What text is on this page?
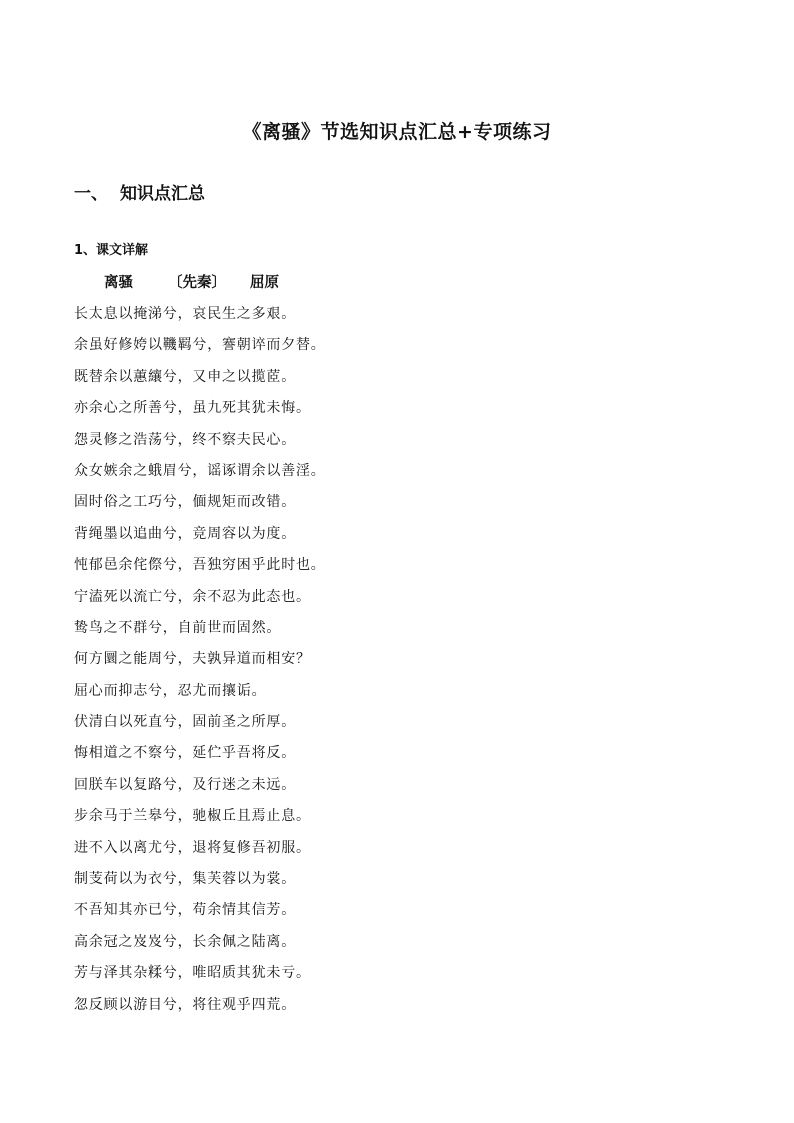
《离骚》节选知识点汇总+专项练习
一、 知识点汇总
1、课文详解
离骚 〔先秦〕 屈原
长太息以掩涕兮，哀民生之多艰。
余虽好修姱以鞿羁兮，謇朝谇而夕替。
既替余以蕙纕兮，又申之以揽茝。
亦余心之所善兮，虽九死其犹未悔。
怨灵修之浩荡兮，终不察夫民心。
众女嫉余之蛾眉兮，谣诼谓余以善淫。
固时俗之工巧兮，偭规矩而改错。
背绳墨以追曲兮，竞周容以为度。
忳郁邑余侘傺兮，吾独穷困乎此时也。
宁溘死以流亡兮，余不忍为此态也。
鸷鸟之不群兮，自前世而固然。
何方圜之能周兮，夫孰异道而相安？
屈心而抑志兮，忍尤而攘诟。
伏清白以死直兮，固前圣之所厚。
悔相道之不察兮，延伫乎吾将反。
回朕车以复路兮，及行迷之未远。
步余马于兰皋兮，驰椒丘且焉止息。
进不入以离尤兮，退将复修吾初服。
制芰荷以为衣兮，集芙蓉以为裳。
不吾知其亦已兮，苟余情其信芳。
高余冠之岌岌兮，长余佩之陆离。
芳与泽其杂糅兮，唯昭质其犹未亏。
忽反顾以游目兮，将往观乎四荒。
